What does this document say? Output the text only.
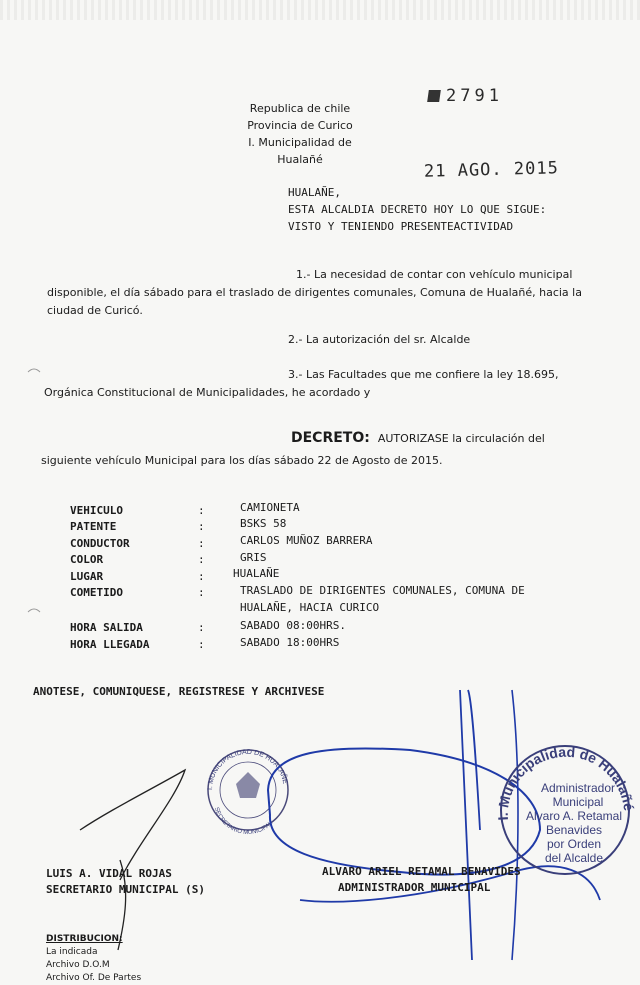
Republica de chile
Provincia de Curico
I. Municipalidad de Hualañé
2791
21 AGO. 2015
HUALAÑE,
ESTA ALCALDIA DECRETO HOY LO QUE SIGUE:
VISTO Y TENIENDO PRESENTEACTIVIDAD
1.- La necesidad de contar con vehículo municipal
disponible, el día sábado para el traslado de dirigentes comunales, Comuna de Hualañé, hacia la ciudad de Curicó.
2.- La autorización del sr. Alcalde
3.- Las Facultades que me confiere la ley 18.695,
Orgánica Constitucional de Municipalidades, he acordado y
DECRETO: AUTORIZASE la circulación del
siguiente vehículo Municipal para los días sábado 22 de Agosto de 2015.
VEHICULO	:	CAMIONETA
PATENTE	:	BSKS 58
CONDUCTOR	:	CARLOS MUÑOZ BARRERA
COLOR	:	GRIS
LUGAR	:	HUALAÑE
COMETIDO	:	TRASLADO DE DIRIGENTES COMUNALES, COMUNA DE
HUALAÑE, HACIA CURICO
HORA SALIDA	:	SABADO 08:00HRS.
HORA LLEGADA	:	SABADO 18:00HRS
ANOTESE, COMUNIQUESE, REGISTRESE Y ARCHIVESE
I. MUNICIPALIDAD DE HUALAÑE
SECRETARIO MUNICIPAL
I. Municipalidad de Hualañé
Administrador
Municipal
Alvaro A. Retamal
Benavides
por Orden
del Alcalde
LUIS A. VIDAL ROJAS
SECRETARIO MUNICIPAL (S)
ALVARO ARIEL RETAMAL BENAVIDES
ADMINISTRADOR MUNICIPAL
DISTRIBUCION:
La indicada
Archivo D.O.M
Archivo Of. De Partes
